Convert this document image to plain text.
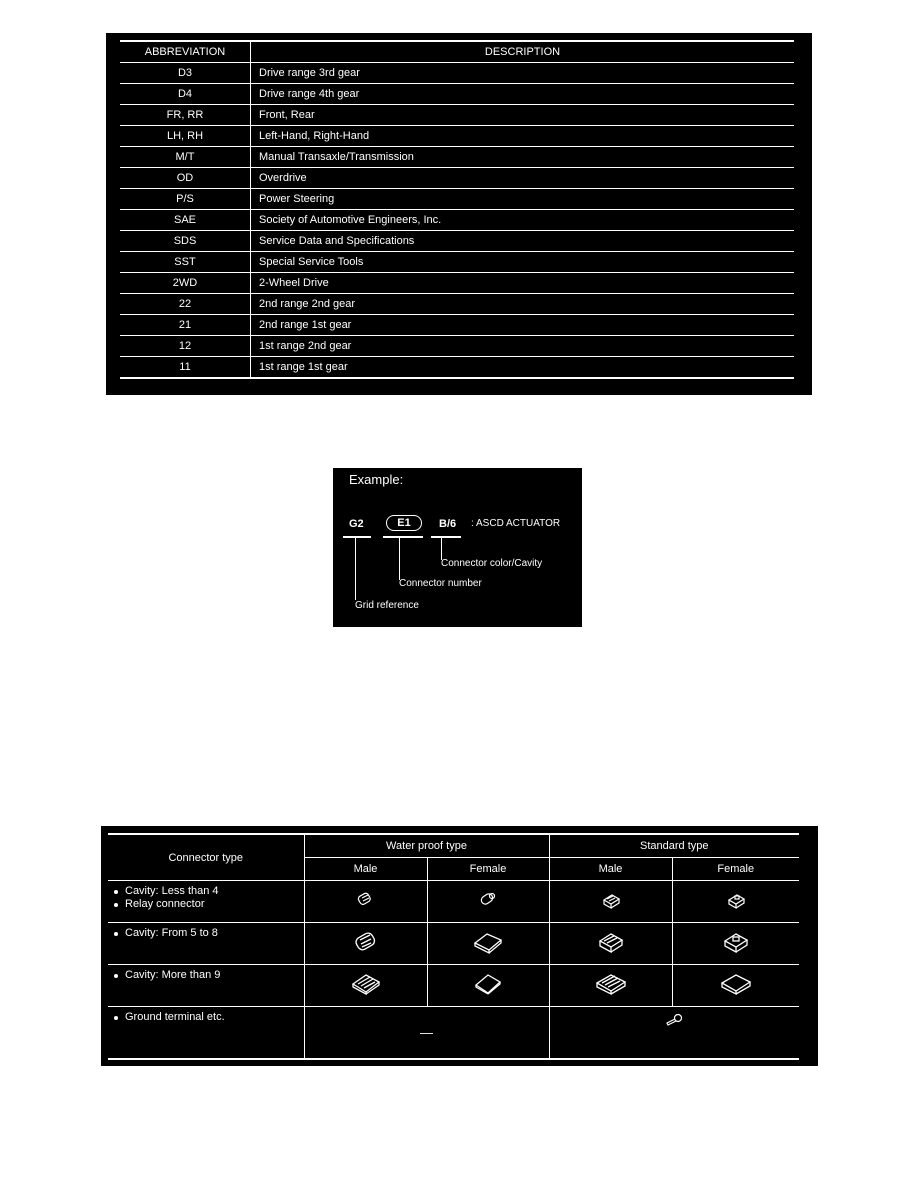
ABBREVIATION	DESCRIPTION
D3	Drive range 3rd gear
D4	Drive range 4th gear
FR, RR	Front, Rear
LH, RH	Left-Hand, Right-Hand
M/T	Manual Transaxle/Transmission
OD	Overdrive
P/S	Power Steering
SAE	Society of Automotive Engineers, Inc.
SDS	Service Data and Specifications
SST	Special Service Tools
2WD	2-Wheel Drive
22	2nd range 2nd gear
21	2nd range 1st gear
12	1st range 2nd gear
11	1st range 1st gear
Example:
G2	E1	B/6 : ASCD ACTUATOR
Connector color/Cavity
Connector number
Grid reference
Connector type	Water proof type		Standard type	
	Male	Female	Male	Female

Cavity: Less than 4
Relay connector

Cavity: From 5 to 8

Cavity: More than 9

Ground terminal etc.	—	
